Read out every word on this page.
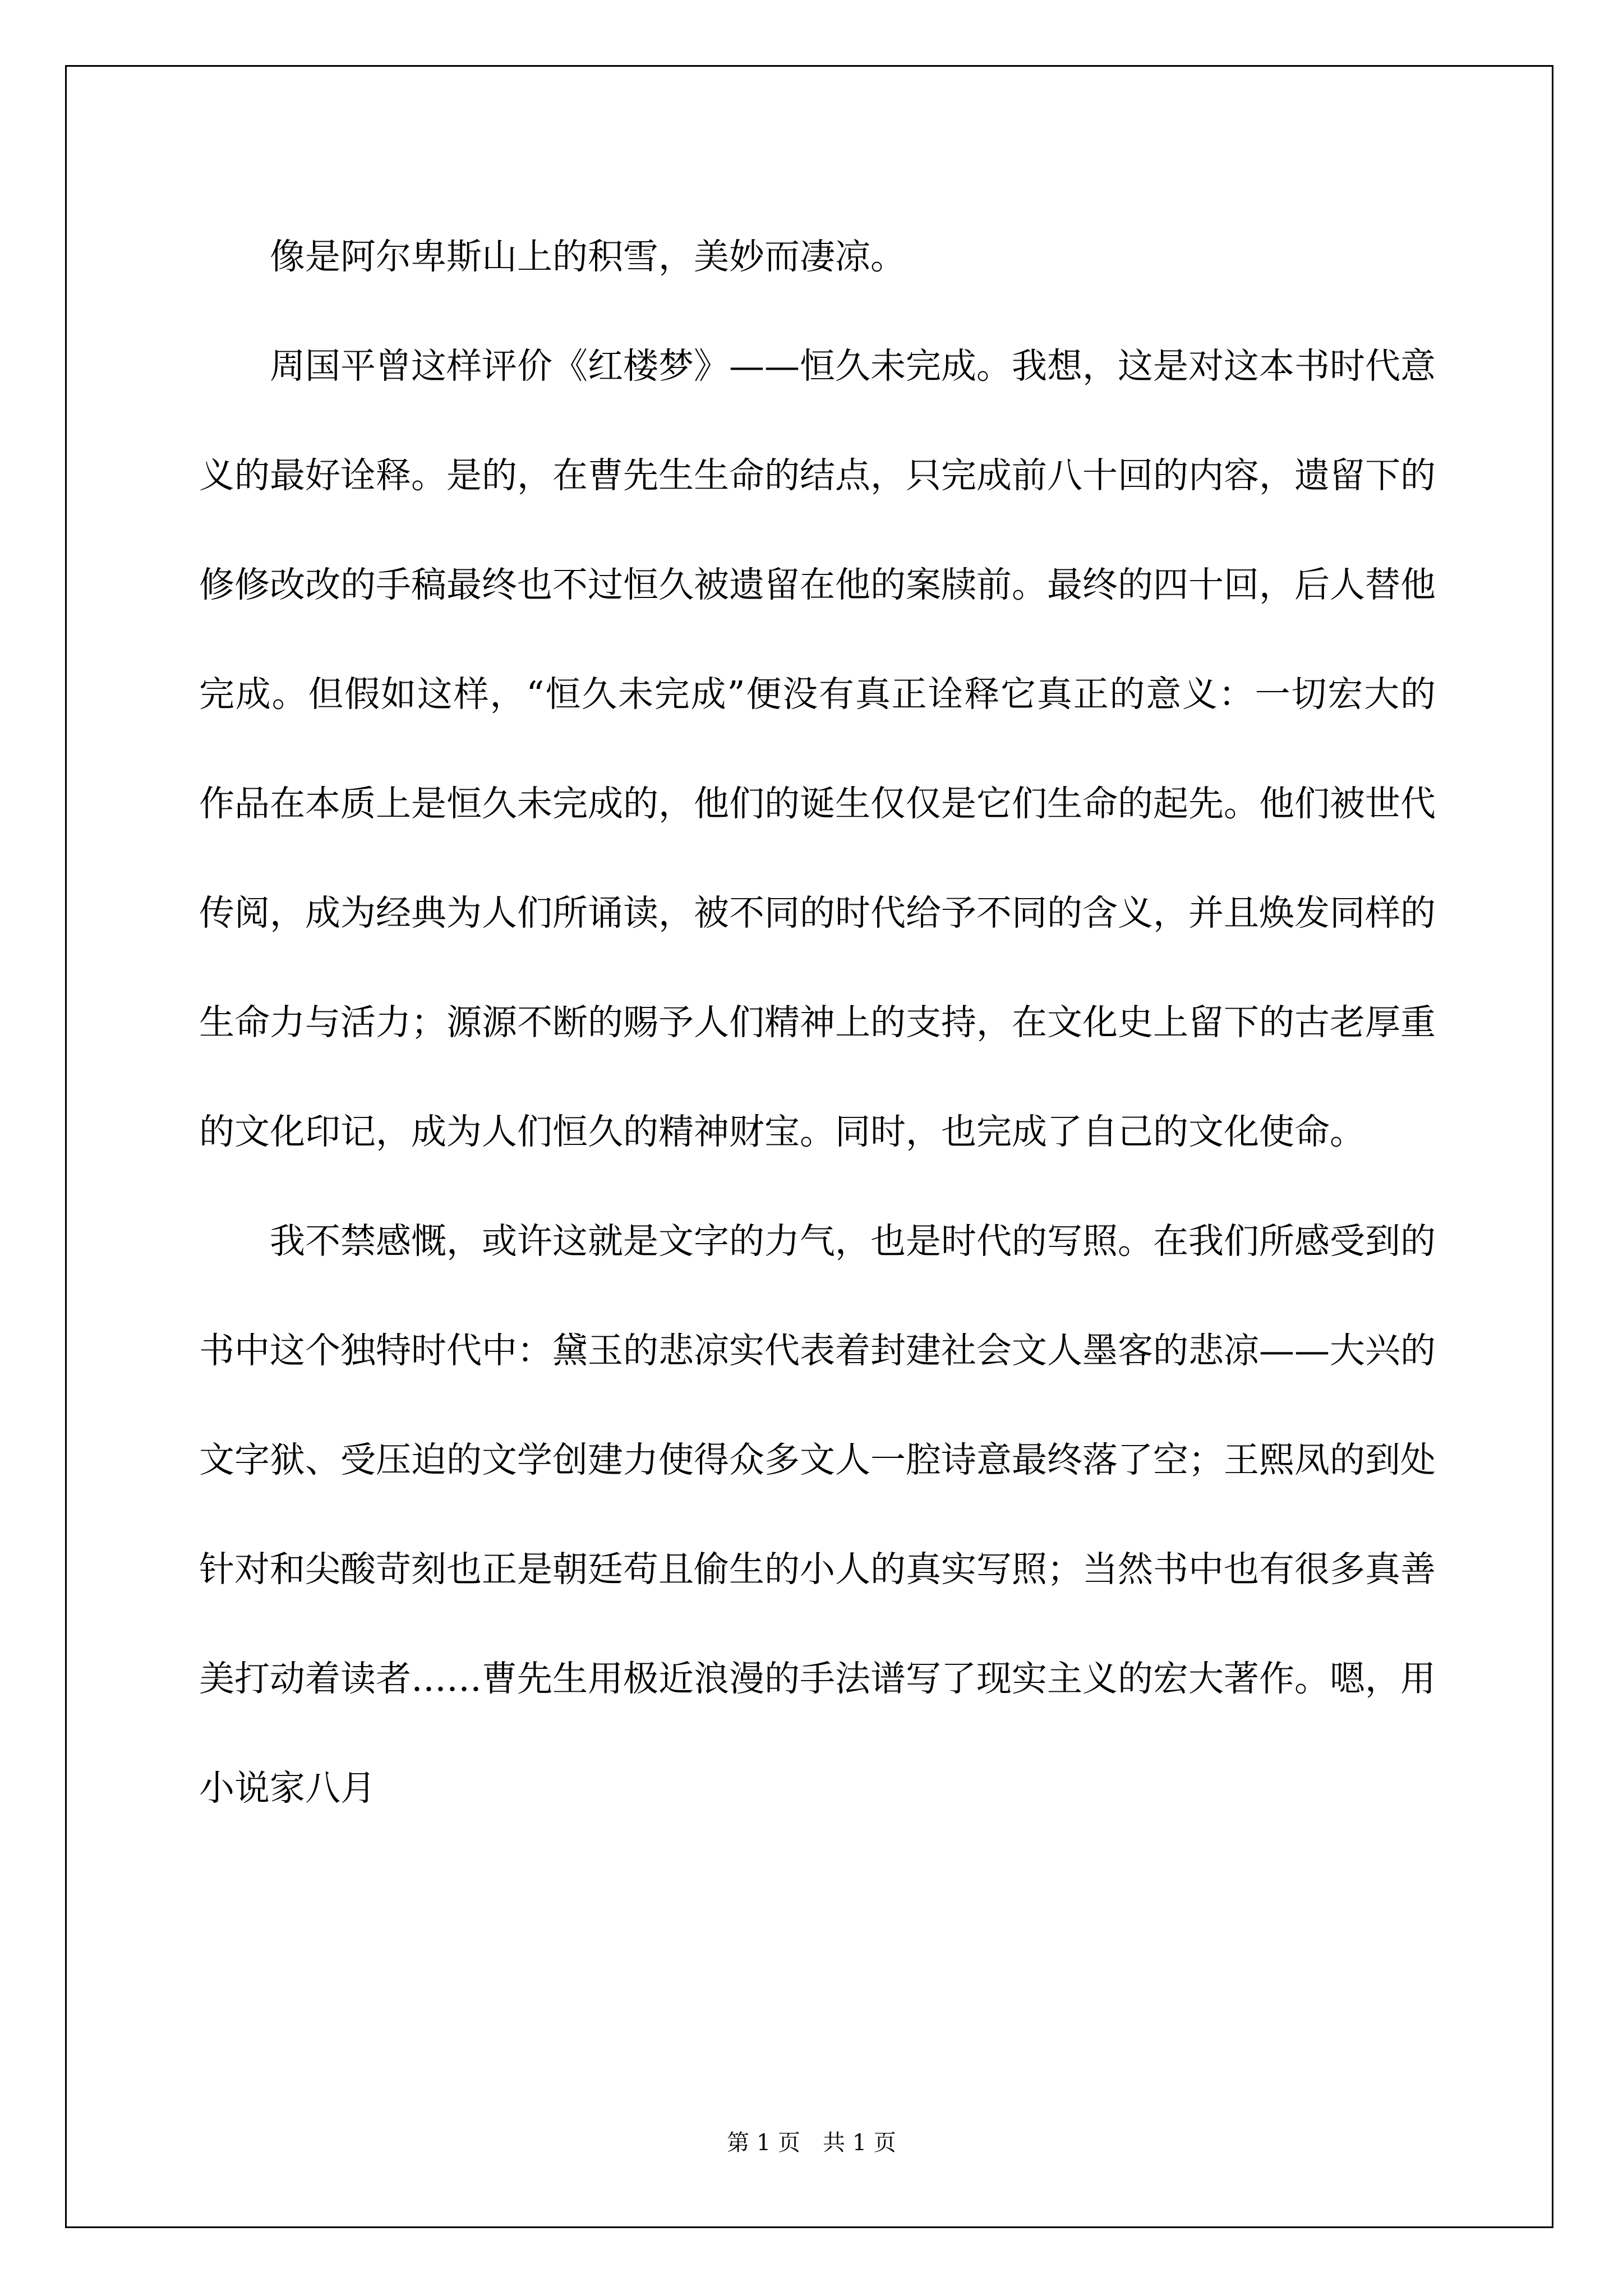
像是阿尔卑斯山上的积雪，美妙而凄凉。

周国平曾这样评价《红楼梦》——恒久未完成。我想，这是对这本书时代意义的最好诠释。是的，在曹先生生命的结点，只完成前八十回的内容，遗留下的修修改改的手稿最终也不过恒久被遗留在他的案牍前。最终的四十回，后人替他完成。但假如这样，“恒久未完成”便没有真正诠释它真正的意义：一切宏大的作品在本质上是恒久未完成的，他们的诞生仅仅是它们生命的起先。他们被世代传阅，成为经典为人们所诵读，被不同的时代给予不同的含义，并且焕发同样的生命力与活力；源源不断的赐予人们精神上的支持，在文化史上留下的古老厚重的文化印记，成为人们恒久的精神财宝。同时，也完成了自己的文化使命。

我不禁感慨，或许这就是文字的力气，也是时代的写照。在我们所感受到的书中这个独特时代中：黛玉的悲凉实代表着封建社会文人墨客的悲凉——大兴的文字狱、受压迫的文学创建力使得众多文人一腔诗意最终落了空；王熙凤的到处针对和尖酸苛刻也正是朝廷苟且偷生的小人的真实写照；当然书中也有很多真善美打动着读者……曹先生用极近浪漫的手法谱写了现实主义的宏大著作。嗯，用小说家八月

第 1 页　共 1 页
